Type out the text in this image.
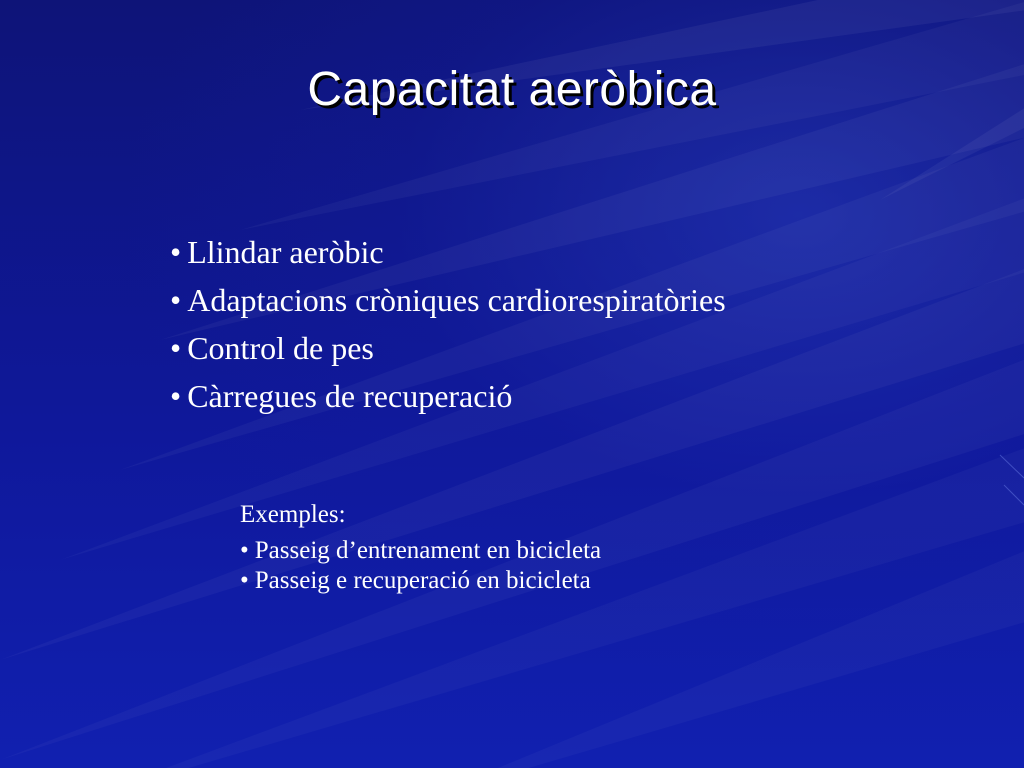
Capacitat aeròbica
• Llindar aeròbic
• Adaptacions cròniques cardiorespiratòries
• Control de pes
• Càrregues de recuperació
Exemples:
• Passeig d’entrenament en bicicleta
• Passeig e recuperació en bicicleta
